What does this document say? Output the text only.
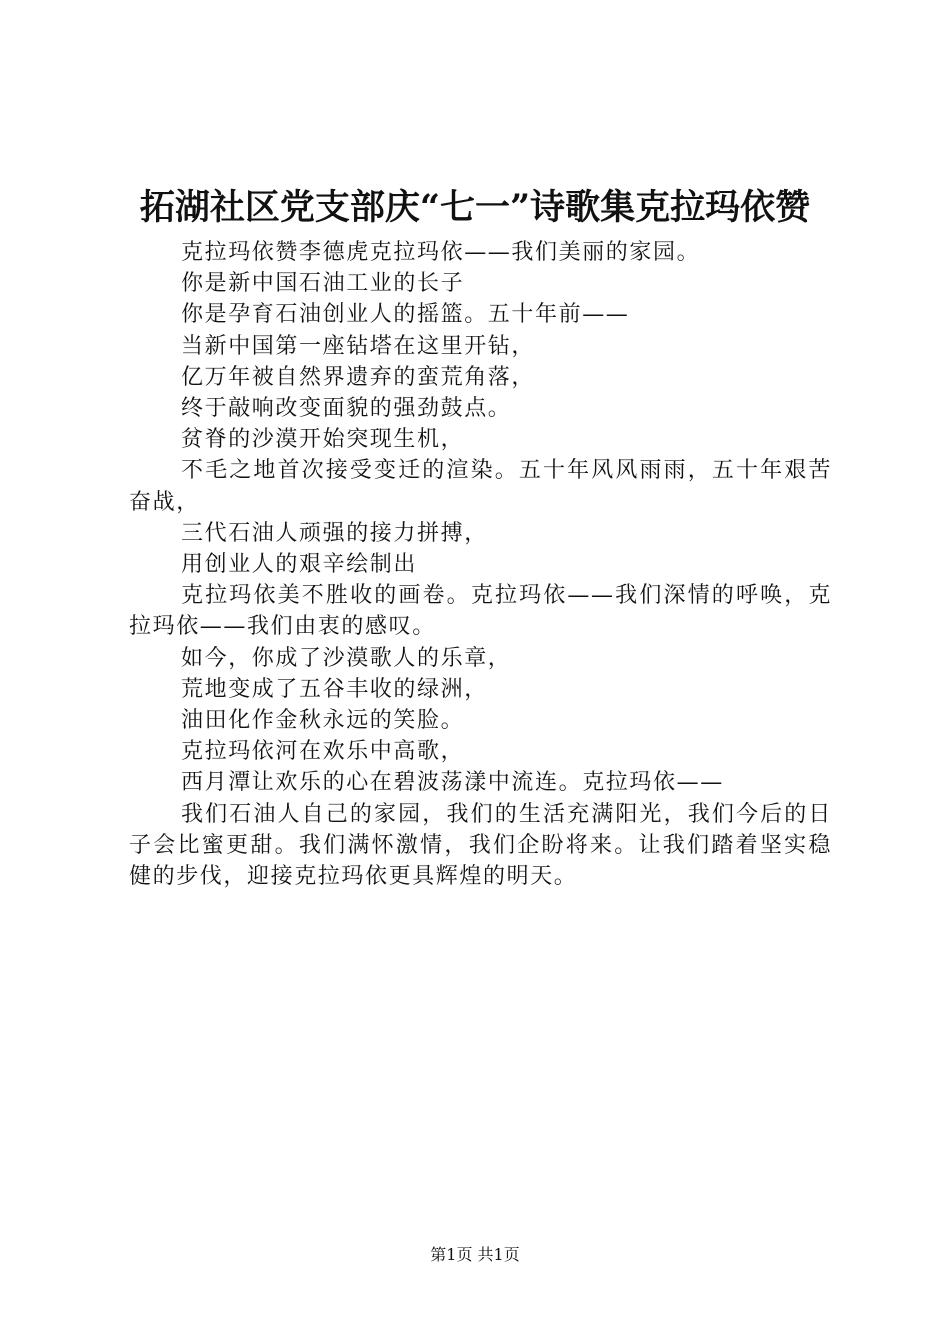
拓湖社区党支部庆“七一”诗歌集克拉玛依赞

克拉玛依赞李德虎克拉玛依——我们美丽的家园。

你是新中国石油工业的长子

你是孕育石油创业人的摇篮。五十年前——

当新中国第一座钻塔在这里开钻，

亿万年被自然界遗弃的蛮荒角落，

终于敲响改变面貌的强劲鼓点。

贫脊的沙漠开始突现生机，

不毛之地首次接受变迁的渲染。五十年风风雨雨，五十年艰苦奋战，

三代石油人顽强的接力拼搏，

用创业人的艰辛绘制出

克拉玛依美不胜收的画卷。克拉玛依——我们深情的呼唤，克拉玛依——我们由衷的感叹。

如今，你成了沙漠歌人的乐章，

荒地变成了五谷丰收的绿洲，

油田化作金秋永远的笑脸。

克拉玛依河在欢乐中高歌，

西月潭让欢乐的心在碧波荡漾中流连。克拉玛依——

我们石油人自己的家园，我们的生活充满阳光，我们今后的日子会比蜜更甜。我们满怀激情，我们企盼将来。让我们踏着坚实稳健的步伐，迎接克拉玛依更具辉煌的明天。

第1页 共1页
